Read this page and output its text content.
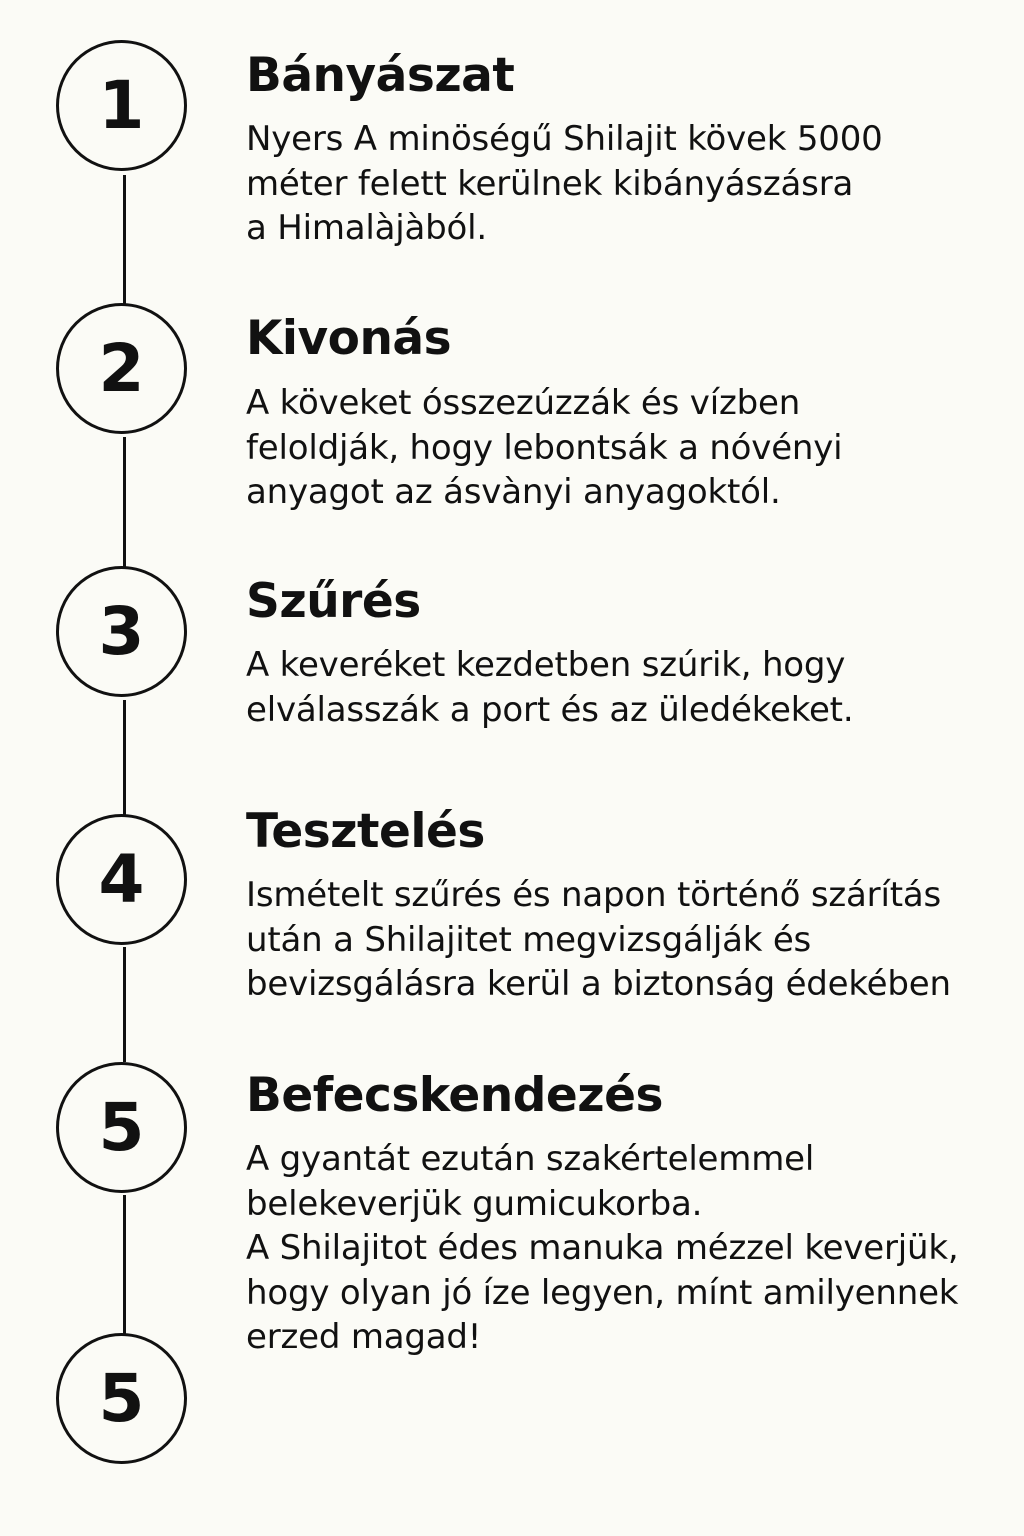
1 Bányászat
Nyers A minöségű Shilajit kövek 5000
méter felett kerülnek kibányászásra
a Himalàjàból.
2 Kivonás
A köveket ósszezúzzák és vízben
feloldják, hogy lebontsák a nóvényi
anyagot az ásvànyi anyagoktól.
3 Szűrés
A keveréket kezdetben szúrik, hogy
elválasszák a port és az üledékeket.
4
Tesztelés
Ismételt szűrés és napon történő szárítás
után a Shilajitet megvizsgálják és
bevizsgálásra kerül a biztonság édekében
5 Befecskendezés
A gyantát ezután szakértelemmel
belekeverjük gumicukorba.
A Shilajitot édes manuka mézzel keverjük,
hogy olyan jó íze legyen, mínt amilyennek
erzed magad!
5
